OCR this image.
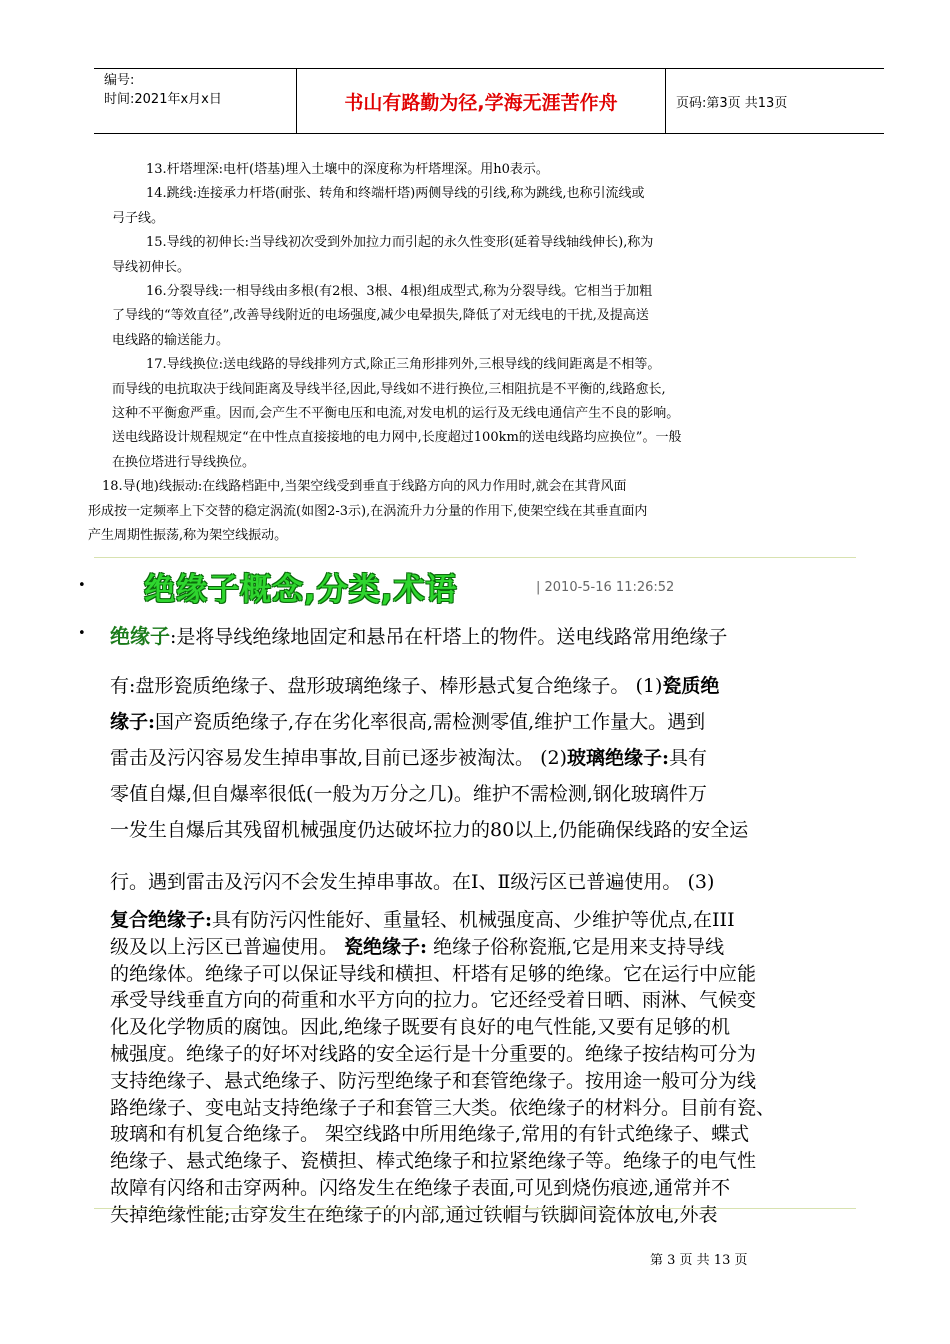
编号:
时间:2021年x月x日	书山有路勤为径,学海无涯苦作舟	页码:第3页 共13页

13.杆塔埋深:电杆(塔基)埋入土壤中的深度称为杆塔埋深。用h0表示。

14.跳线:连接承力杆塔(耐张、转角和终端杆塔)两侧导线的引线,称为跳线,也称引流线或

弓子线。

15.导线的初伸长:当导线初次受到外加拉力而引起的永久性变形(延着导线轴线伸长),称为

导线初伸长。

16.分裂导线:一相导线由多根(有2根、3根、4根)组成型式,称为分裂导线。它相当于加粗

了导线的“等效直径”,改善导线附近的电场强度,减少电晕损失,降低了对无线电的干扰,及提高送

电线路的输送能力。

17.导线换位:送电线路的导线排列方式,除正三角形排列外,三根导线的线间距离是不相等。

而导线的电抗取决于线间距离及导线半径,因此,导线如不进行换位,三相阻抗是不平衡的,线路愈长,

这种不平衡愈严重。因而,会产生不平衡电压和电流,对发电机的运行及无线电通信产生不良的影响。

送电线路设计规程规定“在中性点直接接地的电力网中,长度超过100km的送电线路均应换位”。一般

在换位塔进行导线换位。

18.导(地)线振动:在线路档距中,当架空线受到垂直于线路方向的风力作用时,就会在其背风面

形成按一定频率上下交替的稳定涡流(如图2-3示),在涡流升力分量的作用下,使架空线在其垂直面内

产生周期性振荡,称为架空线振动。

• 绝缘子概念,分类,术语	| 2010-5-16 11:26:52
• 绝缘子:是将导线绝缘地固定和悬吊在杆塔上的物件。送电线路常用绝缘子

有:盘形瓷质绝缘子、盘形玻璃绝缘子、棒形悬式复合绝缘子。 (1)瓷质绝

缘子:国产瓷质绝缘子,存在劣化率很高,需检测零值,维护工作量大。遇到

雷击及污闪容易发生掉串事故,目前已逐步被淘汰。 (2)玻璃绝缘子:具有

零值自爆,但自爆率很低(一般为万分之几)。维护不需检测,钢化玻璃件万

一发生自爆后其残留机械强度仍达破坏拉力的80以上,仍能确保线路的安全运

行。遇到雷击及污闪不会发生掉串事故。在Ⅰ、Ⅱ级污区已普遍使用。 (3)

复合绝缘子:具有防污闪性能好、重量轻、机械强度高、少维护等优点,在III

级及以上污区已普遍使用。 瓷绝缘子: 绝缘子俗称瓷瓶,它是用来支持导线

的绝缘体。绝缘子可以保证导线和横担、杆塔有足够的绝缘。它在运行中应能

承受导线垂直方向的荷重和水平方向的拉力。它还经受着日晒、雨淋、气候变

化及化学物质的腐蚀。因此,绝缘子既要有良好的电气性能,又要有足够的机

械强度。绝缘子的好坏对线路的安全运行是十分重要的。绝缘子按结构可分为

支持绝缘子、悬式绝缘子、防污型绝缘子和套管绝缘子。按用途一般可分为线

路绝缘子、变电站支持绝缘子子和套管三大类。依绝缘子的材料分。目前有瓷、

玻璃和有机复合绝缘子。 架空线路中所用绝缘子,常用的有针式绝缘子、蝶式

绝缘子、悬式绝缘子、瓷横担、棒式绝缘子和拉紧绝缘子等。绝缘子的电气性

故障有闪络和击穿两种。闪络发生在绝缘子表面,可见到烧伤痕迹,通常并不

失掉绝缘性能;击穿发生在绝缘子的内部,通过铁帽与铁脚间瓷体放电,外表

第 3 页 共 13 页
